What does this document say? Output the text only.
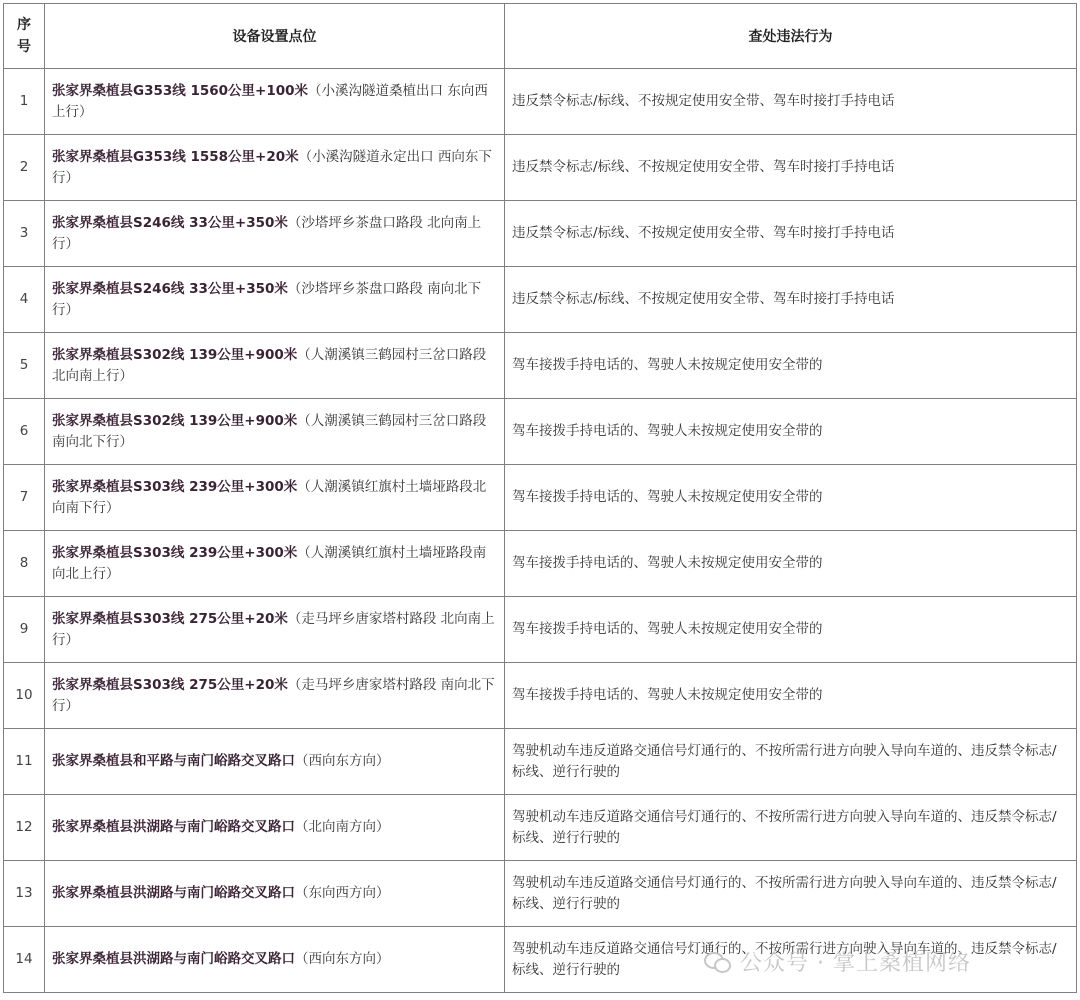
序
号	设备设置点位	查处违法行为
1	张家界桑植县G353线 1560公里+100米（小溪沟隧道桑植出口 东向西上行）	违反禁令标志/标线、不按规定使用安全带、驾车时接打手持电话
2	张家界桑植县G353线 1558公里+20米（小溪沟隧道永定出口 西向东下行）	违反禁令标志/标线、不按规定使用安全带、驾车时接打手持电话
3	张家界桑植县S246线 33公里+350米（沙塔坪乡茶盘口路段 北向南上行）	违反禁令标志/标线、不按规定使用安全带、驾车时接打手持电话
4	张家界桑植县S246线 33公里+350米（沙塔坪乡茶盘口路段 南向北下行）	违反禁令标志/标线、不按规定使用安全带、驾车时接打手持电话
5	张家界桑植县S302线 139公里+900米（人潮溪镇三鹤园村三岔口路段 北向南上行）	驾车接拨手持电话的、驾驶人未按规定使用安全带的
6	张家界桑植县S302线 139公里+900米（人潮溪镇三鹤园村三岔口路段 南向北下行）	驾车接拨手持电话的、驾驶人未按规定使用安全带的
7	张家界桑植县S303线 239公里+300米（人潮溪镇红旗村土墙垭路段北向南下行）	驾车接拨手持电话的、驾驶人未按规定使用安全带的
8	张家界桑植县S303线 239公里+300米（人潮溪镇红旗村土墙垭路段南向北上行）	驾车接拨手持电话的、驾驶人未按规定使用安全带的
9	张家界桑植县S303线 275公里+20米（走马坪乡唐家塔村路段 北向南上行）	驾车接拨手持电话的、驾驶人未按规定使用安全带的
10	张家界桑植县S303线 275公里+20米（走马坪乡唐家塔村路段 南向北下行）	驾车接拨手持电话的、驾驶人未按规定使用安全带的
11	张家界桑植县和平路与南门峪路交叉路口（西向东方向）	驾驶机动车违反道路交通信号灯通行的、不按所需行进方向驶入导向车道的、违反禁令标志/标线、逆行行驶的
12	张家界桑植县洪湖路与南门峪路交叉路口（北向南方向）	驾驶机动车违反道路交通信号灯通行的、不按所需行进方向驶入导向车道的、违反禁令标志/标线、逆行行驶的
13	张家界桑植县洪湖路与南门峪路交叉路口（东向西方向）	驾驶机动车违反道路交通信号灯通行的、不按所需行进方向驶入导向车道的、违反禁令标志/标线、逆行行驶的
14	张家界桑植县洪湖路与南门峪路交叉路口（西向东方向）	驾驶机动车违反道路交通信号灯通行的、不按所需行进方向驶入导向车道的、违反禁令标志/标线、逆行行驶的	公众号 · 掌上桑植网络
